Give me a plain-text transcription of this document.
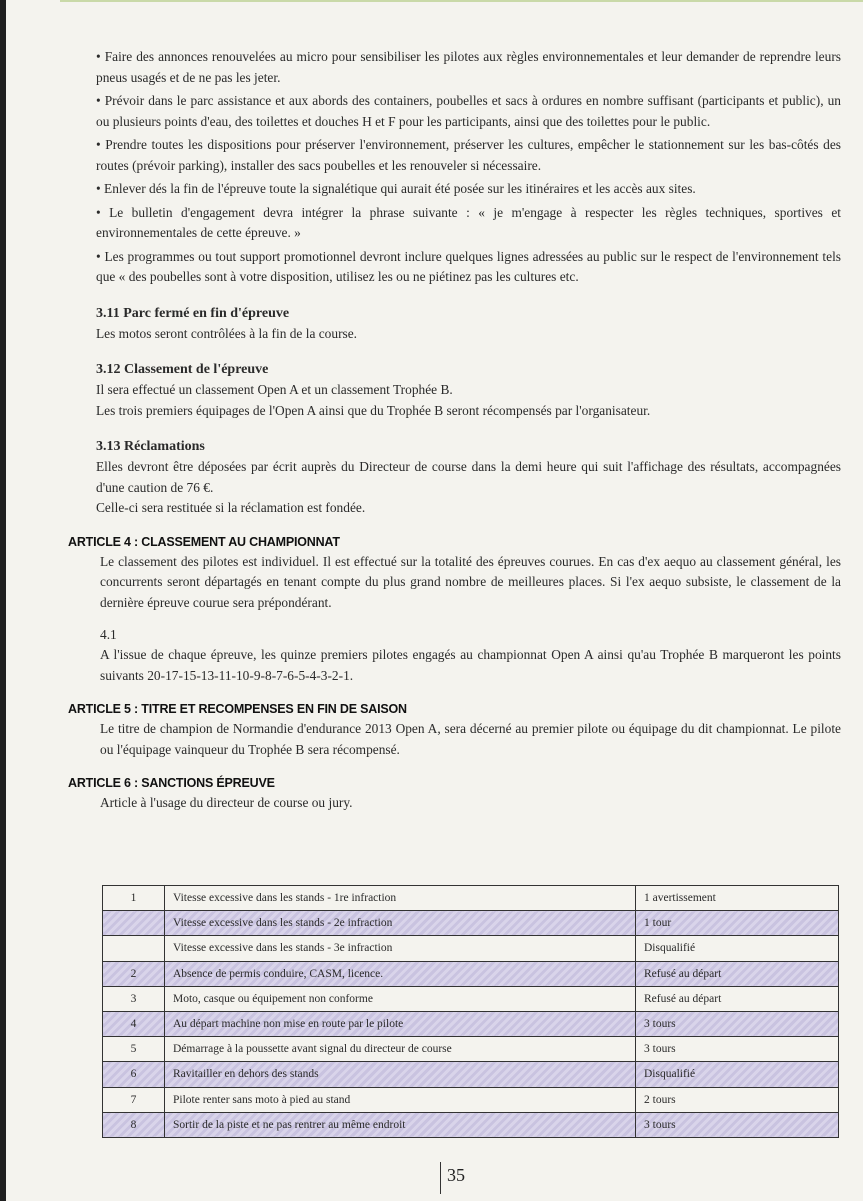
• Faire des annonces renouvelées au micro pour sensibiliser les pilotes aux règles environnementales et leur demander de reprendre leurs pneus usagés et de ne pas les jeter.

• Prévoir dans le parc assistance et aux abords des containers, poubelles et sacs à ordures en nombre suffisant (participants et public), un ou plusieurs points d'eau, des toilettes et douches H et F pour les participants, ainsi que des toilettes pour le public.

• Prendre toutes les dispositions pour préserver l'environnement, préserver les cultures, empêcher le stationnement sur les bas-côtés des routes (prévoir parking), installer des sacs poubelles et les renouveler si nécessaire.

• Enlever dés la fin de l'épreuve toute la signalétique qui aurait été posée sur les itinéraires et les accès aux sites.

• Le bulletin d'engagement devra intégrer la phrase suivante : « je m'engage à respecter les règles techniques, sportives et environnementales de cette épreuve. »

• Les programmes ou tout support promotionnel devront inclure quelques lignes adressées au public sur le respect de l'environnement tels que « des poubelles sont à votre disposition, utilisez les ou ne piétinez pas les cultures etc.

3.11 Parc fermé en fin d'épreuve

Les motos seront contrôlées à la fin de la course.

3.12 Classement de l'épreuve

Il sera effectué un classement Open A et un classement Trophée B.

Les trois premiers équipages de l'Open A ainsi que du Trophée B seront récompensés par l'organisateur.

3.13 Réclamations

Elles devront être déposées par écrit auprès du Directeur de course dans la demi heure qui suit l'affichage des résultats, accompagnées d'une caution de 76 €.

Celle-ci sera restituée si la réclamation est fondée.

ARTICLE 4 : CLASSEMENT AU CHAMPIONNAT

Le classement des pilotes est individuel. Il est effectué sur la totalité des épreuves courues. En cas d'ex aequo au classement général, les concurrents seront départagés en tenant compte du plus grand nombre de meilleures places. Si l'ex aequo subsiste, le classement de la dernière épreuve courue sera prépondérant.

4.1

A l'issue de chaque épreuve, les quinze premiers pilotes engagés au championnat Open A ainsi qu'au Trophée B marqueront les points suivants 20-17-15-13-11-10-9-8-7-6-5-4-3-2-1.

ARTICLE 5 : TITRE ET RECOMPENSES EN FIN DE SAISON

Le titre de champion de Normandie d'endurance 2013 Open A, sera décerné au premier pilote ou équipage du dit championnat. Le pilote ou l'équipage vainqueur du Trophée B sera récompensé.

ARTICLE 6 : SANCTIONS ÉPREUVE

Article à l'usage du directeur de course ou jury.

1	Vitesse excessive dans les stands - 1re infraction	1 avertissement
	Vitesse excessive dans les stands - 2e infraction	1 tour
	Vitesse excessive dans les stands - 3e infraction	Disqualifié
2	Absence de permis conduire, CASM, licence.	Refusé au départ
3	Moto, casque ou équipement non conforme	Refusé au départ
4	Au départ machine non mise en route par le pilote	3 tours
5	Démarrage à la poussette avant signal du directeur de course	3 tours
6	Ravitailler en dehors des stands	Disqualifié
7	Pilote renter sans moto à pied au stand	2 tours
8	Sortir de la piste et ne pas rentrer au même endroit	3 tours
35
